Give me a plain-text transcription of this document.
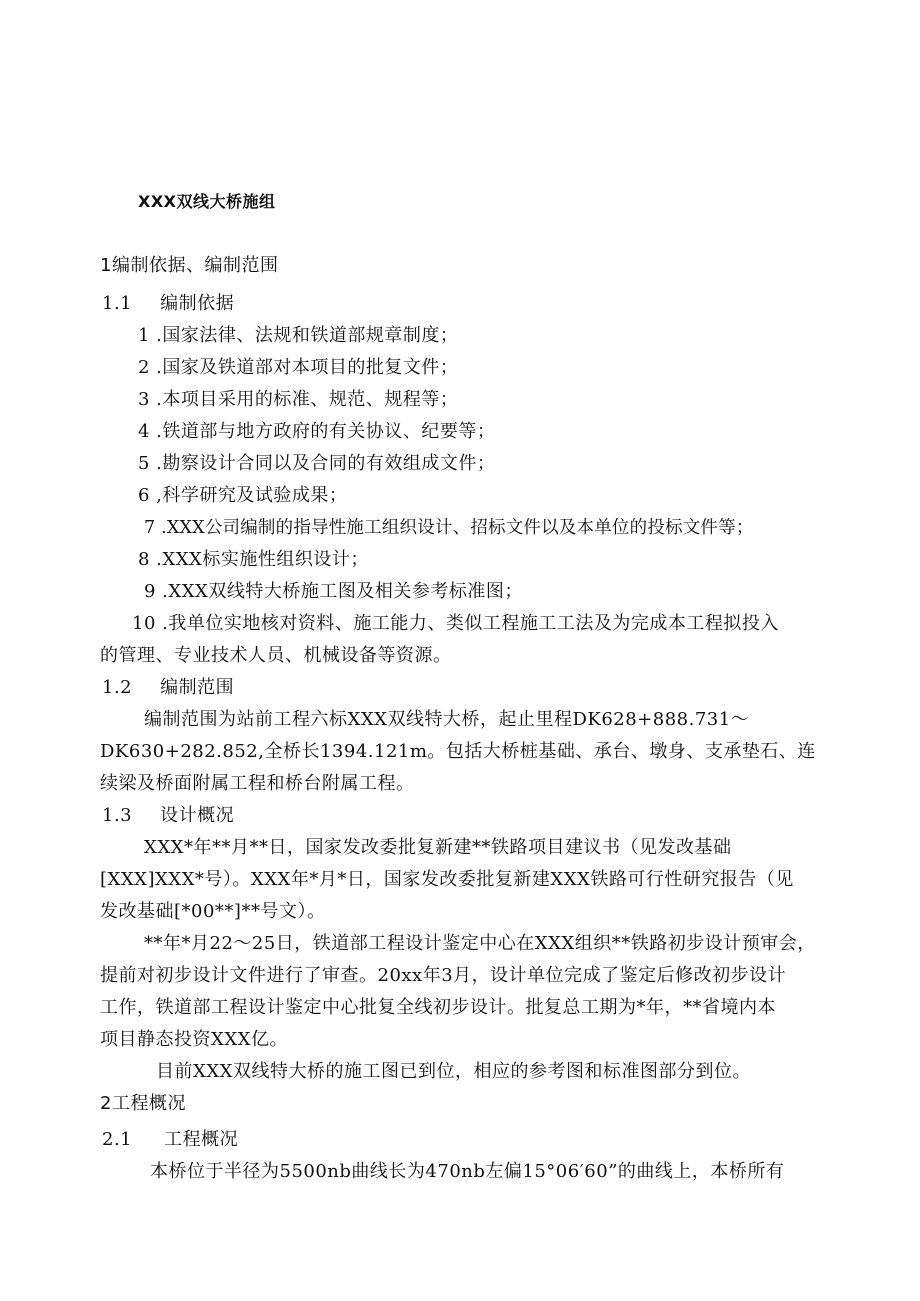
XXX双线大桥施组
1编制依据、编制范围
1.1 编制依据
1 .国家法律、法规和铁道部规章制度；
2 .国家及铁道部对本项目的批复文件；
3 .本项目采用的标准、规范、规程等；
4 .铁道部与地方政府的有关协议、纪要等；
5 .勘察设计合同以及合同的有效组成文件；
6 ,科学研究及试验成果；
7 .XXX公司编制的指导性施工组织设计、招标文件以及本单位的投标文件等；
8 .XXX标实施性组织设计；
9 .XXX双线特大桥施工图及相关参考标准图；
10 .我单位实地核对资料、施工能力、类似工程施工工法及为完成本工程拟投入
的管理、专业技术人员、机械设备等资源。
1.2 编制范围
编制范围为站前工程六标XXX双线特大桥，起止里程DK628+888.731～
DK630+282.852,全桥长1394.121m。包括大桥桩基础、承台、墩身、支承垫石、连
续梁及桥面附属工程和桥台附属工程。
1.3 设计概况
XXX*年**月**日，国家发改委批复新建**铁路项目建议书（见发改基础
[XXX]XXX*号）。XXX年*月*日，国家发改委批复新建XXX铁路可行性研究报告（见
发改基础[*00**]**号文）。
**年*月22～25日，铁道部工程设计鉴定中心在XXX组织**铁路初步设计预审会，
提前对初步设计文件进行了审查。20xx年3月，设计单位完成了鉴定后修改初步设计
工作，铁道部工程设计鉴定中心批复全线初步设计。批复总工期为*年，**省境内本
项目静态投资XXX亿。
目前XXX双线特大桥的施工图已到位，相应的参考图和标准图部分到位。
2工程概况
2.1 工程概况
本桥位于半径为5500nb曲线长为470nb左偏15°06′60”的曲线上，本桥所有
